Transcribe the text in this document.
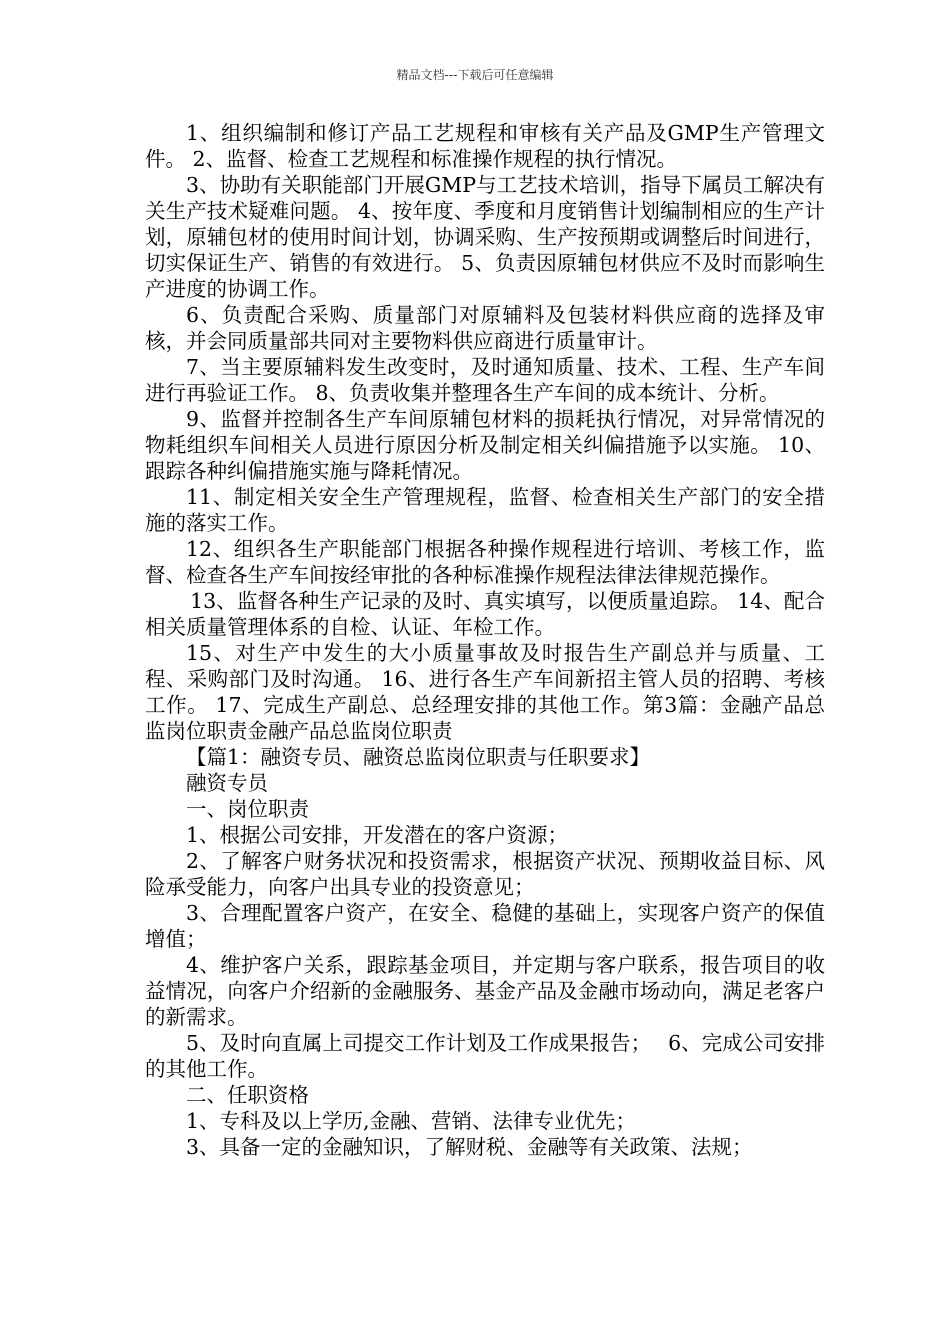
精品文档---下载后可任意编辑

1、组织编制和修订产品工艺规程和审核有关产品及GMP生产管理文件。 2、监督、检查工艺规程和标准操作规程的执行情况。

3、协助有关职能部门开展GMP与工艺技术培训，指导下属员工解决有关生产技术疑难问题。 4、按年度、季度和月度销售计划编制相应的生产计划，原辅包材的使用时间计划，协调采购、生产按预期或调整后时间进行，切实保证生产、销售的有效进行。 5、负责因原辅包材供应不及时而影响生产进度的协调工作。

6、负责配合采购、质量部门对原辅料及包装材料供应商的选择及审核，并会同质量部共同对主要物料供应商进行质量审计。

7、当主要原辅料发生改变时，及时通知质量、技术、工程、生产车间进行再验证工作。 8、负责收集并整理各生产车间的成本统计、分析。

9、监督并控制各生产车间原辅包材料的损耗执行情况，对异常情况的物耗组织车间相关人员进行原因分析及制定相关纠偏措施予以实施。 10、跟踪各种纠偏措施实施与降耗情况。

11、制定相关安全生产管理规程，监督、检查相关生产部门的安全措施的落实工作。

12、组织各生产职能部门根据各种操作规程进行培训、考核工作，监督、检查各生产车间按经审批的各种标准操作规程法律法律规范操作。

13、监督各种生产记录的及时、真实填写，以便质量追踪。 14、配合相关质量管理体系的自检、认证、年检工作。

15、对生产中发生的大小质量事故及时报告生产副总并与质量、工程、采购部门及时沟通。 16、进行各生产车间新招主管人员的招聘、考核工作。 17、完成生产副总、总经理安排的其他工作。第3篇：金融产品总监岗位职责金融产品总监岗位职责

【篇1：融资专员、融资总监岗位职责与任职要求】

融资专员

一、岗位职责

1、根据公司安排，开发潜在的客户资源；

2、了解客户财务状况和投资需求，根据资产状况、预期收益目标、风险承受能力，向客户出具专业的投资意见；

3、合理配置客户资产，在安全、稳健的基础上，实现客户资产的保值增值；

4、维护客户关系，跟踪基金项目，并定期与客户联系，报告项目的收益情况，向客户介绍新的金融服务、基金产品及金融市场动向，满足老客户的新需求。

5、及时向直属上司提交工作计划及工作成果报告；　 6、完成公司安排的其他工作。

二、任职资格

1、专科及以上学历,金融、营销、法律专业优先；

3、具备一定的金融知识，了解财税、金融等有关政策、法规；
